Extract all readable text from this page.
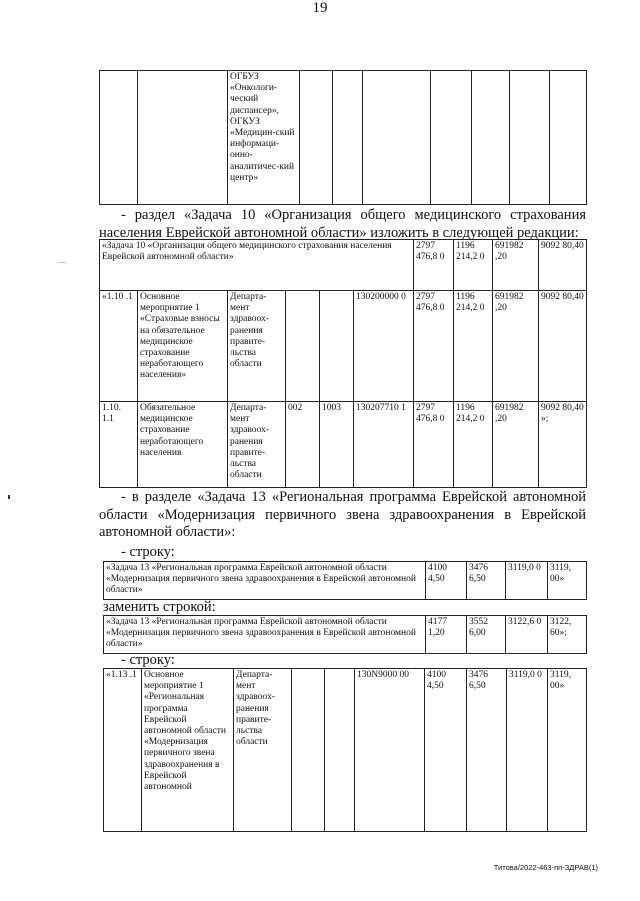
19
		ОГБУЗ «Онкологи-ческий диспансер», ОГКУЗ «Медицин-ский информаци-онно-аналитичес-кий центр»							
- раздел «Задача 10 «Организация общего медицинского страхования населения Еврейской автономной области» изложить в следующей редакции:
«Задача 10 «Организация общего медицинского страхования населения Еврейской автономной области»						2797 476,8 0	1196 214,2 0	691982 ,20	9092 80,40
«1.10 .1	Основное мероприятие 1 «Страховые взносы на обязательное медицинское страхование неработающего населения»	Департа-мент здравоох-ранения правите-льства области			130200000 0	2797 476,8 0	1196 214,2 0	691982 ,20	9092 80,40
1.10. 1.1	Обязательное медицинское страхование неработающего населения	Департа-мент здравоох-ранения правите-льства области	002	1003	130207710 1	2797 476,8 0	1196 214,2 0	691982 ,20	9092 80,40 »;
- в разделе «Задача 13 «Региональная программа Еврейской автономной области «Модернизация первичного звена здравоохранения в Еврейской автономной области»:
- строку:
«Задача 13 «Региональная программа Еврейской автономной области «Модернизация первичного звена здравоохранения в Еврейской автономной области»	4100 4,50	3476 6,50	3119,0 0	3119, 00»
заменить строкой:
«Задача 13 «Региональная программа Еврейской автономной области «Модернизация первичного звена здравоохранения в Еврейской автономной области»	4177 1,20	3552 6,00	3122,6 0	3122, 60»;
- строку:
«1.13 .1	Основное мероприятие 1 «Региональная программа Еврейской автономной области «Модернизация первичного звена здравоохранения в Еврейской автономной	Департа-мент здравоох-ранения правите-льства области			130N9000 00	4100 4,50	3476 6,50	3119,0 0	3119, 00»
Титова/2022-463-пп-ЗДРАВ(1)
